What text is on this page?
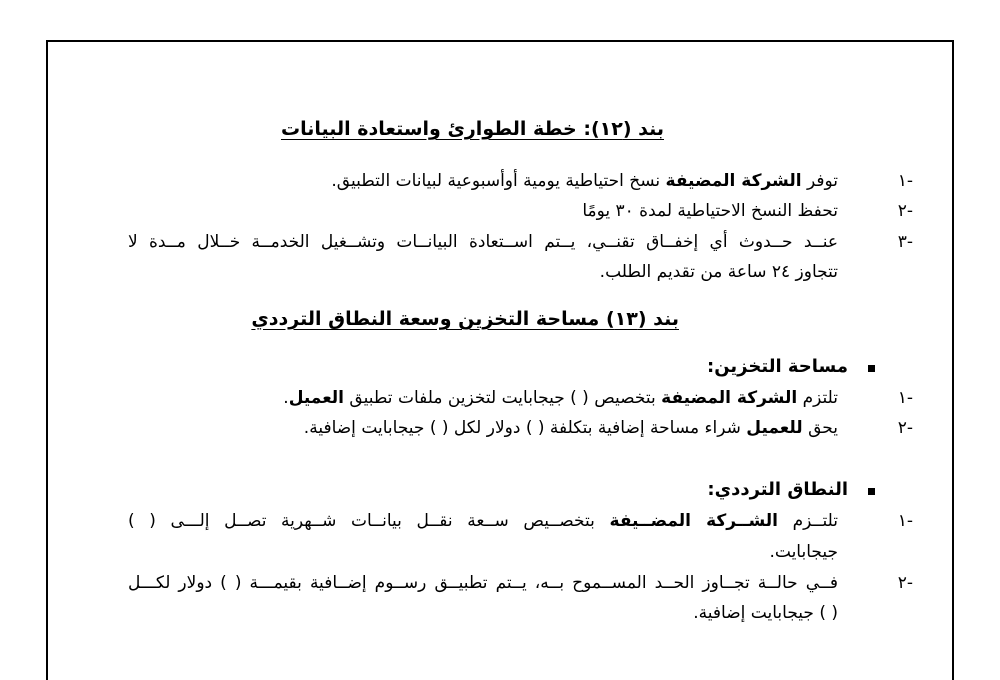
بند (١٢): خطة الطوارئ واستعادة البيانات
١-
توفر الشركة المضيفة نسخ احتياطية يومية أوأسبوعية لبيانات التطبيق.
٢-
تحفظ النسخ الاحتياطية لمدة ٣٠ يومًا
٣-
عنــد حــدوث أي إخفــاق تقنــي، يــتم اســتعادة البيانــات وتشــغيل الخدمــة خــلال مــدة لا
تتجاوز ٢٤ ساعة من تقديم الطلب.
بند (١٣) مساحة التخزين وسعة النطاق الترددي
مساحة التخزين:
١-
تلتزم الشركة المضيفة بتخصيص ( ) جيجابايت لتخزين ملفات تطبيق العميل.
٢-
يحق للعميل شراء مساحة إضافية بتكلفة ( ) دولار لكل ( ) جيجابايت إضافية.
النطاق الترددي:
١-
تلتــزم الشــركة المضــيفة بتخصــيص ســعة نقــل بيانــات شــهرية تصــل إلـــى ( )
جيجابايت.
٢-
فــي حالــة تجــاوز الحــد المســموح بــه، يــتم تطبيــق رســوم إضــافية بقيمـــة ( ) دولار لكـــل
( ) جيجابايت إضافية.
